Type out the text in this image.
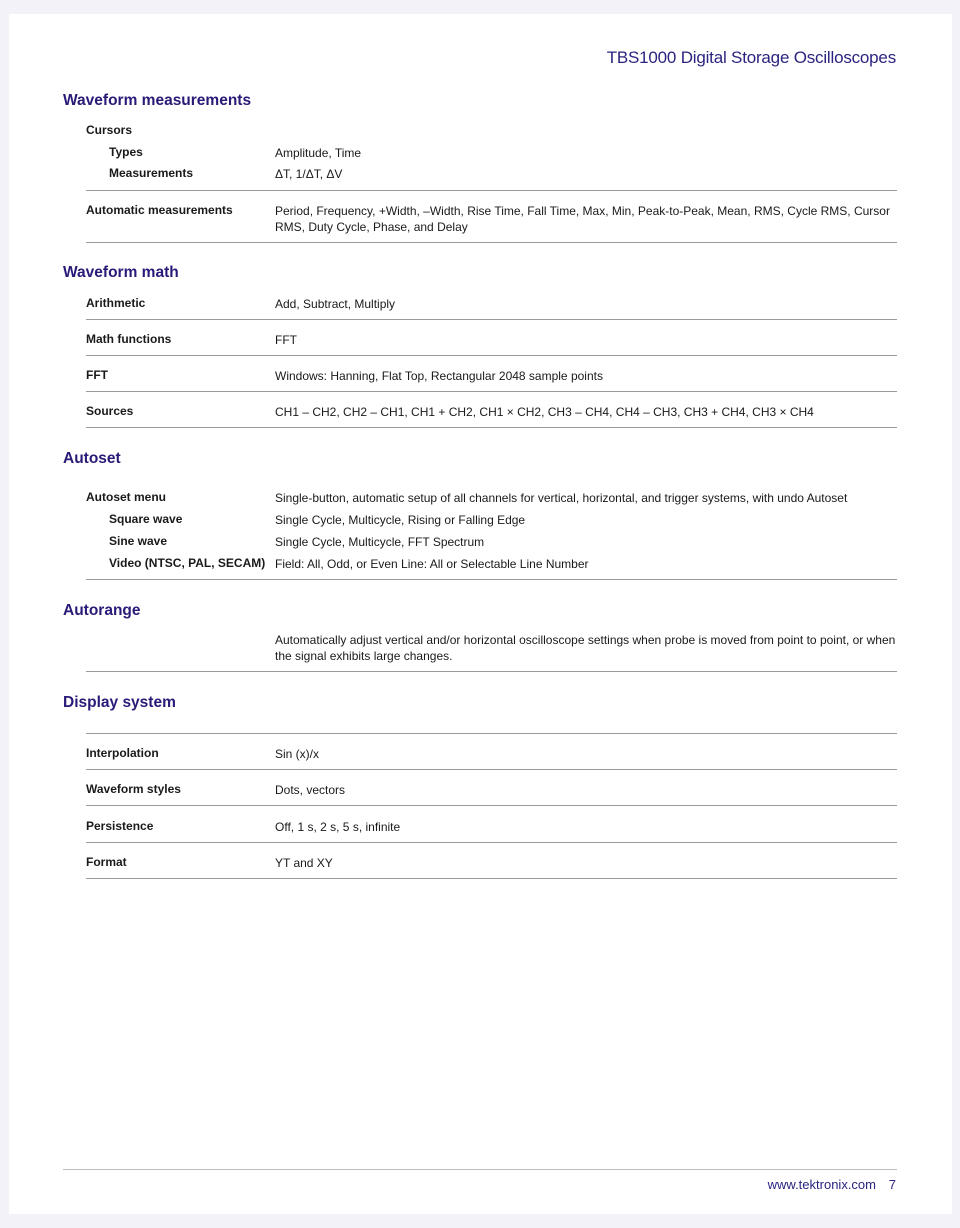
TBS1000 Digital Storage Oscilloscopes
Waveform measurements
Cursors
Types	Amplitude, Time
Measurements	ΔT, 1/ΔT, ΔV
Automatic measurements	Period, Frequency, +Width, –Width, Rise Time, Fall Time, Max, Min, Peak-to-Peak, Mean, RMS, Cycle RMS, Cursor RMS, Duty Cycle, Phase, and Delay
Waveform math
Arithmetic	Add, Subtract, Multiply
Math functions	FFT
FFT	Windows: Hanning, Flat Top, Rectangular 2048 sample points
Sources	CH1 – CH2, CH2 – CH1, CH1 + CH2, CH1 × CH2, CH3 – CH4, CH4 – CH3, CH3 + CH4, CH3 × CH4
Autoset
Autoset menu	Single-button, automatic setup of all channels for vertical, horizontal, and trigger systems, with undo Autoset
Square wave	Single Cycle, Multicycle, Rising or Falling Edge
Sine wave	Single Cycle, Multicycle, FFT Spectrum
Video (NTSC, PAL, SECAM) Field: All, Odd, or Even Line: All or Selectable Line Number
Autorange
Automatically adjust vertical and/or horizontal oscilloscope settings when probe is moved from point to point, or when the signal exhibits large changes.
Display system
Interpolation	Sin (x)/x
Waveform styles	Dots, vectors
Persistence	Off, 1 s, 2 s, 5 s, infinite
Format	YT and XY
www.tektronix.com 7
